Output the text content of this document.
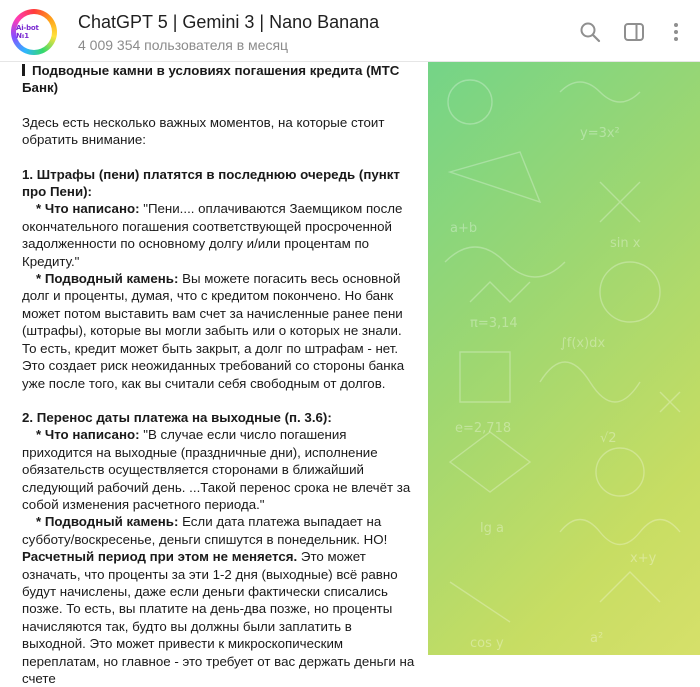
Ai-bot №1
ChatGPT 5 | Gemini 3 | Nano Banana
4 009 354 пользователя в месяц
y=3x²
a+b
sin x
π=3,14
∫f(x)dx
e=2,718
√2
lg a
x+y
cos y	a²

Подводные камни в условиях погашения кредита (МТС Банк)

Здесь есть несколько важных моментов, на которые стоит обратить внимание:

1. Штрафы (пени) платятся в последнюю очередь (пункт про Пени):

* Что написано: "Пени.... оплачиваются Заемщиком после окончательного погашения соответствующей просроченной задолженности по основному долгу и/или процентам по Кредиту."

* Подводный камень: Вы можете погасить весь основной долг и проценты, думая, что с кредитом покончено. Но банк может потом выставить вам счет за начисленные ранее пени (штрафы), которые вы могли забыть или о которых не знали. То есть, кредит может быть закрыт, а долг по штрафам - нет. Это создает риск неожиданных требований со стороны банка уже после того, как вы считали себя свободным от долгов.

2. Перенос даты платежа на выходные (п. 3.6):

* Что написано: "В случае если число погашения приходится на выходные (праздничные дни), исполнение обязательств осуществляется сторонами в ближайший следующий рабочий день. ...Такой перенос срока не влечёт за собой изменения расчетного периода."

* Подводный камень: Если дата платежа выпадает на субботу/воскресенье, деньги спишутся в понедельник. НО! Расчетный период при этом не меняется. Это может означать, что проценты за эти 1-2 дня (выходные) всё равно будут начислены, даже если деньги фактически списались позже. То есть, вы платите на день-два позже, но проценты начисляются так, будто вы должны были заплатить в выходной. Это может привести к микроскопическим переплатам, но главное - это требует от вас держать деньги на счете
